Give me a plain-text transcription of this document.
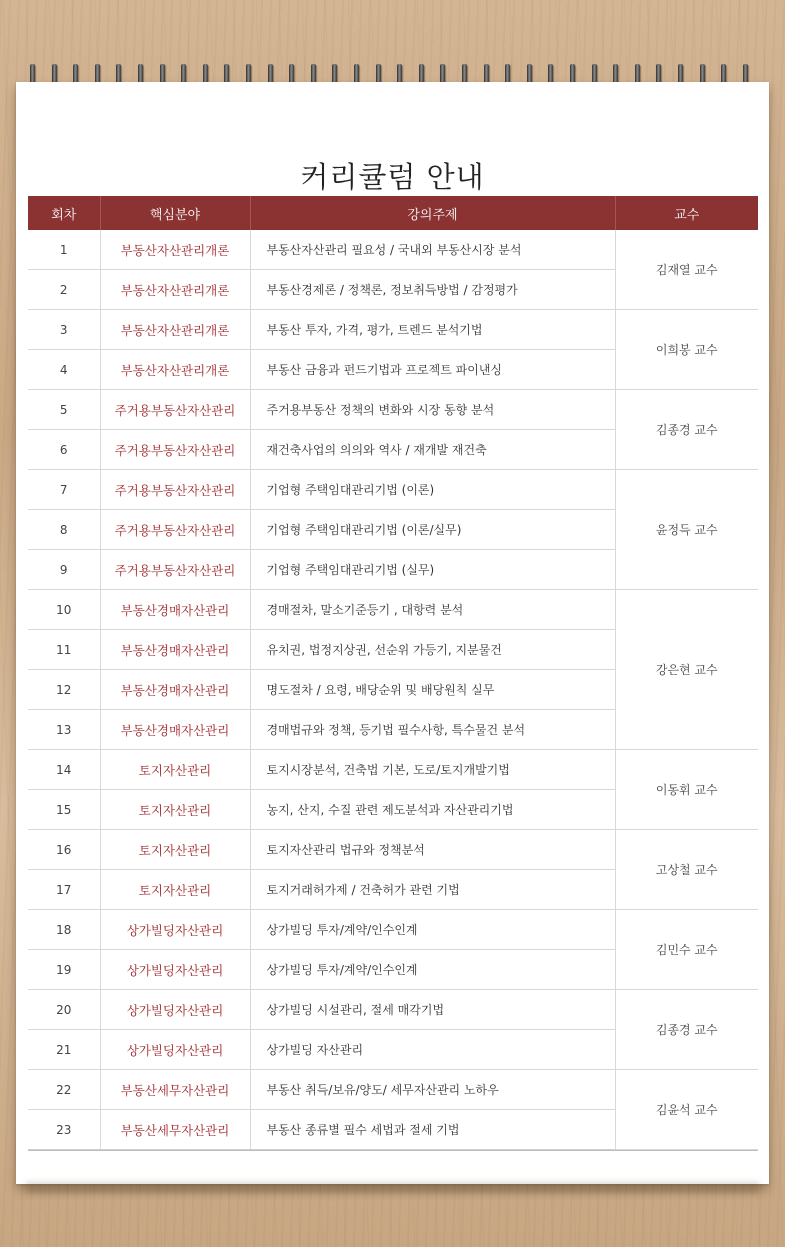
커리큘럼 안내
회차	핵심분야	강의주제	교수
1	부동산자산관리개론	부동산자산관리 필요성 / 국내외 부동산시장 분석	김재열 교수
2	부동산자산관리개론	부동산경제론 / 정책론, 정보취득방법 / 감정평가	
3	부동산자산관리개론	부동산 투자, 가격, 평가, 트렌드 분석기법	이희봉 교수
4	부동산자산관리개론	부동산 금융과 펀드기법과 프로젝트 파이낸싱	
5	주거용부동산자산관리	주거용부동산 정책의 변화와 시장 동향 분석	김종경 교수
6	주거용부동산자산관리	재건축사업의 의의와 역사 / 재개발 재건축	
7	주거용부동산자산관리	기업형 주택임대관리기법 (이론)	윤정득 교수
8	주거용부동산자산관리	기업형 주택임대관리기법 (이론/실무)	
9	주거용부동산자산관리	기업형 주택임대관리기법 (실무)	
10	부동산경매자산관리	경매절차, 말소기준등기 , 대항력 분석	강은현 교수
11	부동산경매자산관리	유치권, 법정지상권, 선순위 가등기, 지분물건	
12	부동산경매자산관리	명도절차 / 요령, 배당순위 및 배당원칙 실무	
13	부동산경매자산관리	경매법규와 정책, 등기법 필수사항, 특수물건 분석	
14	토지자산관리	토지시장분석, 건축법 기본, 도로/토지개발기법	이동휘 교수
15	토지자산관리	농지, 산지, 수질 관련 제도분석과 자산관리기법	
16	토지자산관리	토지자산관리 법규와 정책분석	고상철 교수
17	토지자산관리	토지거래허가제 / 건축허가 관련 기법	
18	상가빌딩자산관리	상가빌딩 투자/계약/인수인계	김민수 교수
19	상가빌딩자산관리	상가빌딩 투자/계약/인수인계	
20	상가빌딩자산관리	상가빌딩 시설관리, 절세 매각기법	김종경 교수
21	상가빌딩자산관리	상가빌딩 자산관리	
22	부동산세무자산관리	부동산 취득/보유/양도/ 세무자산관리 노하우	김윤석 교수
23	부동산세무자산관리	부동산 종류별 필수 세법과 절세 기법	
